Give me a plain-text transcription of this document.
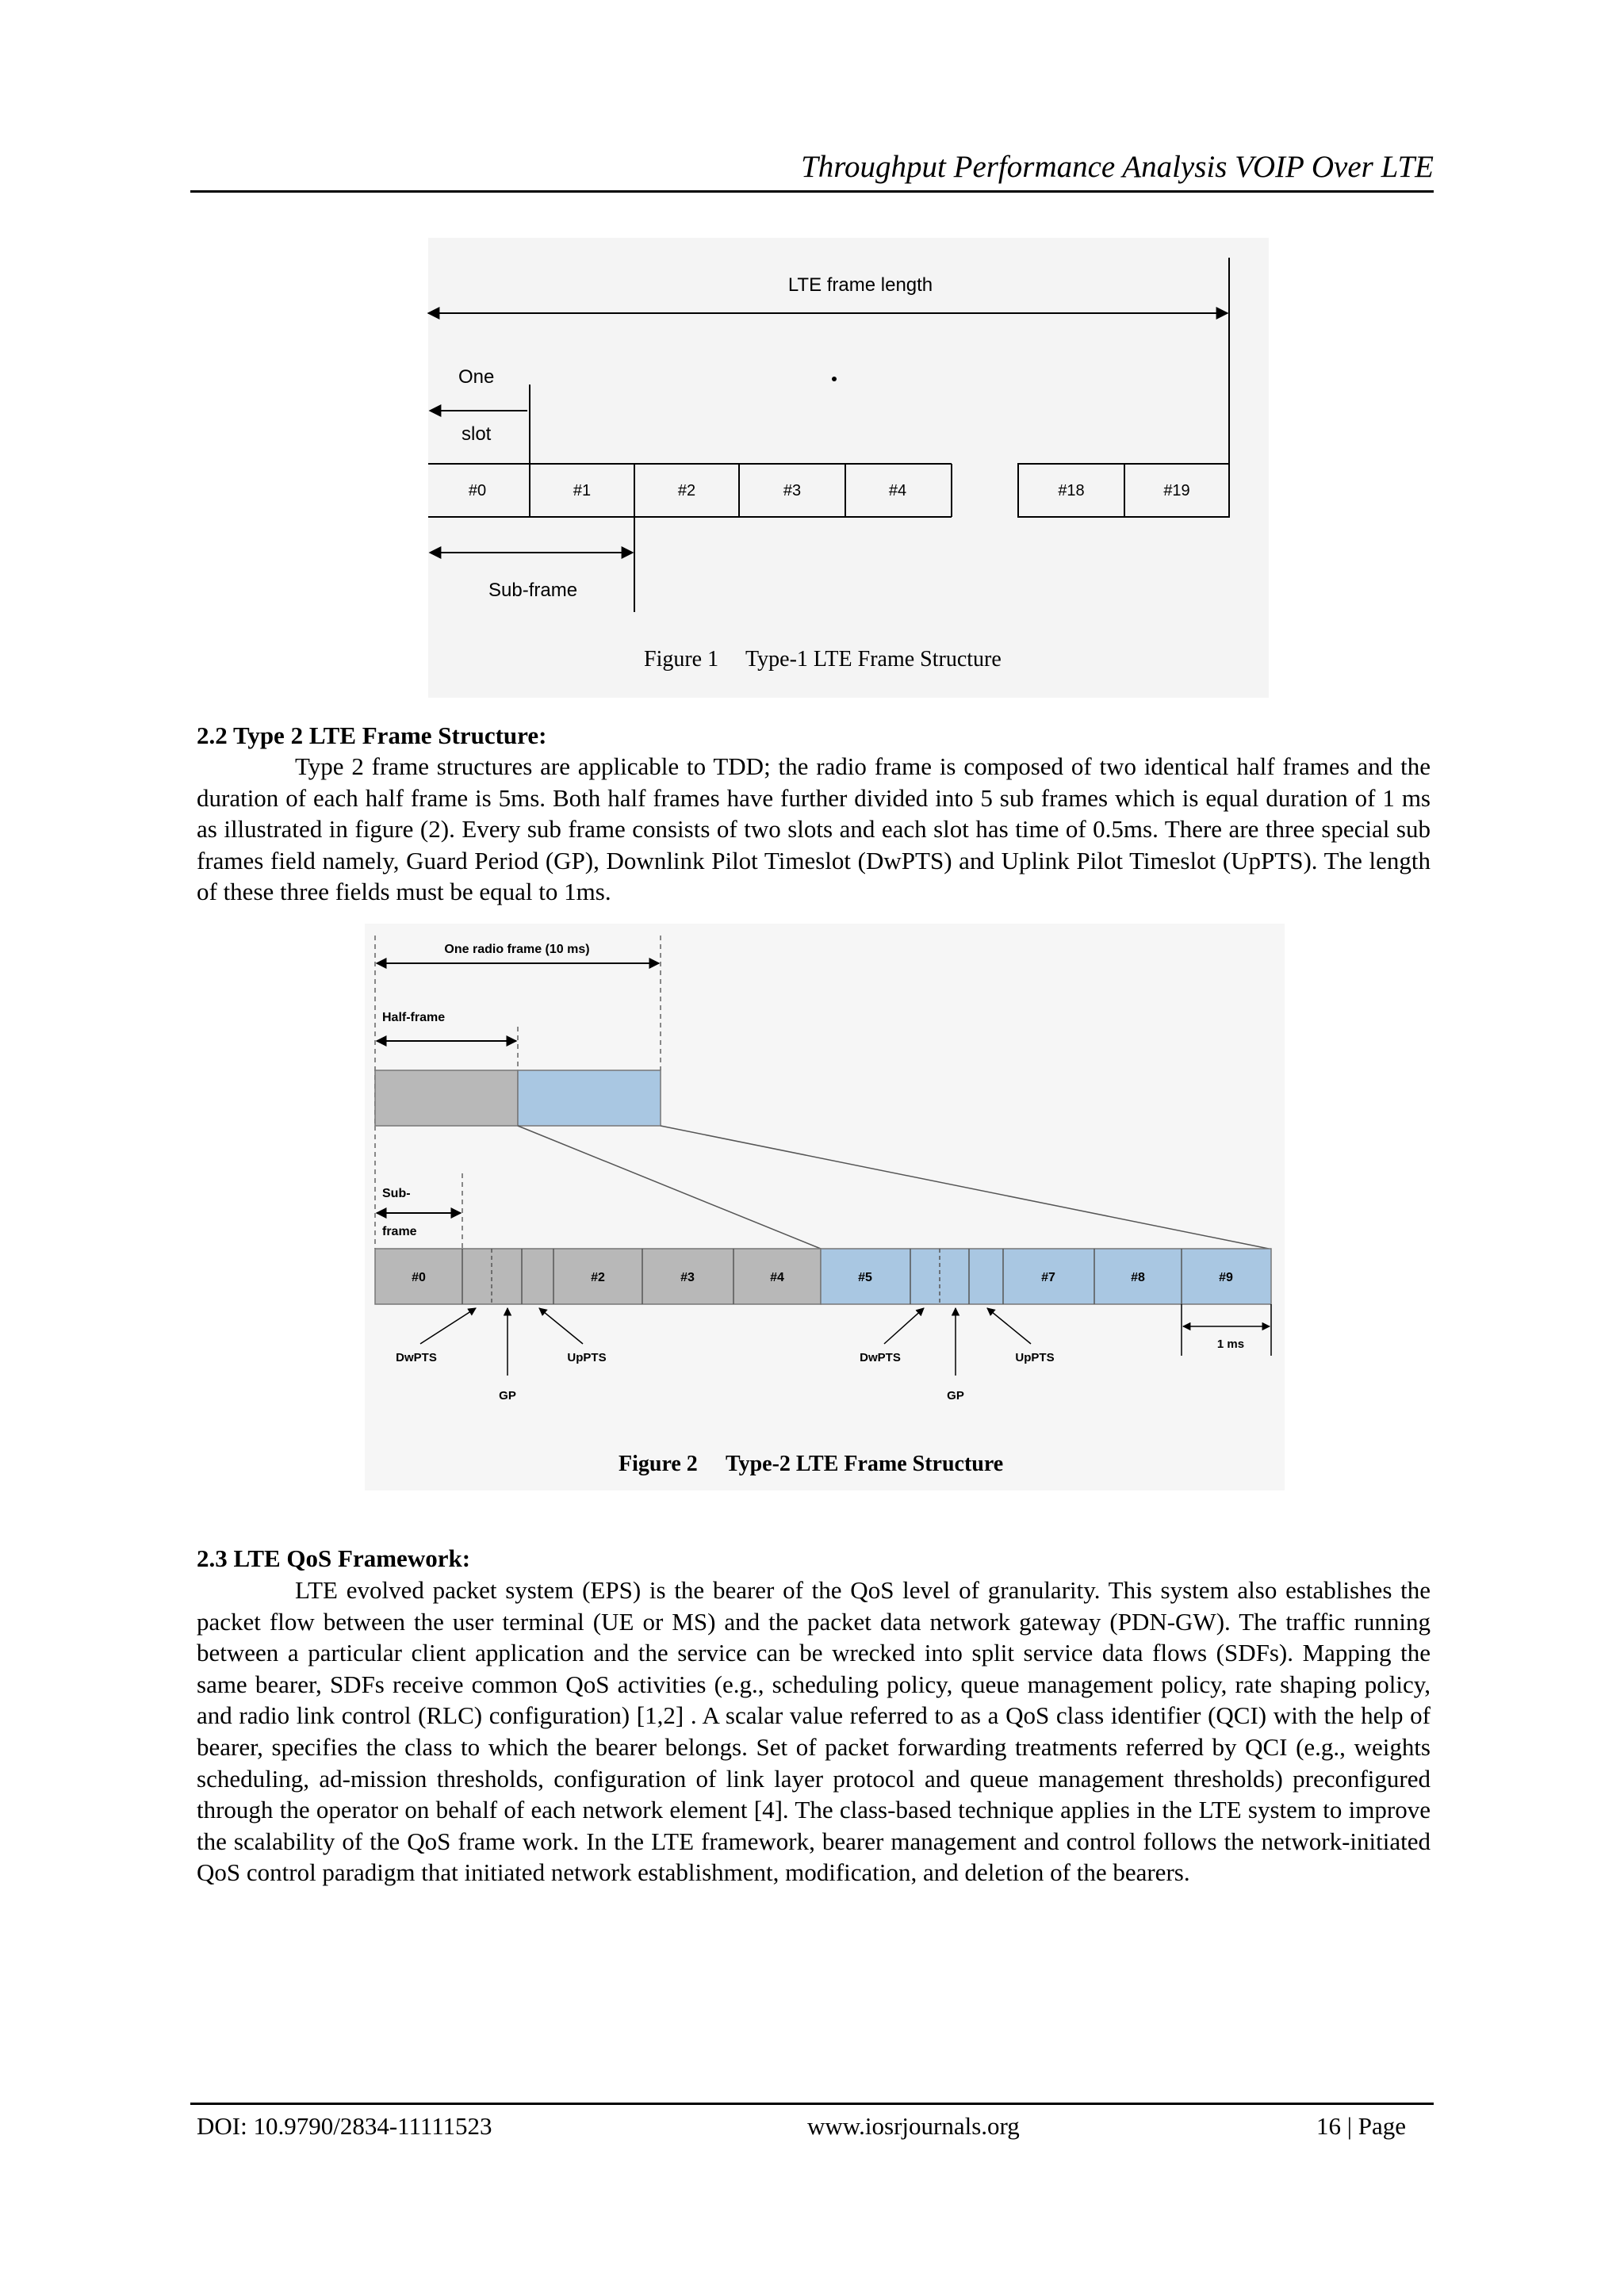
Throughput Performance Analysis VOIP Over LTE
LTE frame length
One
slot
#0	#1	#2	#3	#4	#18	#19
Sub-frame
Figure 1 Type-1 LTE Frame Structure
2.2 Type 2 LTE Frame Structure:

Type 2 frame structures are applicable to TDD; the radio frame is composed of two identical half frames and the duration of each half frame is 5ms. Both half frames have further divided into 5 sub frames which is equal duration of 1 ms as illustrated in figure (2). Every sub frame consists of two slots and each slot has time of 0.5ms. There are three special sub frames field namely, Guard Period (GP), Downlink Pilot Timeslot (DwPTS) and Uplink Pilot Timeslot (UpPTS). The length of these three fields must be equal to 1ms.

One radio frame (10 ms)
Half-frame
Sub-
frame
#0	#2	#3	#4	#5	#7	#8	#9
DwPTS	UpPTS
GP
DwPTS	UpPTS
GP
1 ms
Figure 2 Type-2 LTE Frame Structure
2.3 LTE QoS Framework:

LTE evolved packet system (EPS) is the bearer of the QoS level of granularity. This system also establishes the packet flow between the user terminal (UE or MS) and the packet data network gateway (PDN-GW). The traffic running between a particular client application and the service can be wrecked into split service data flows (SDFs). Mapping the same bearer, SDFs receive common QoS activities (e.g., scheduling policy, queue management policy, rate shaping policy, and radio link control (RLC) configuration) [1,2] . A scalar value referred to as a QoS class identifier (QCI) with the help of bearer, specifies the class to which the bearer belongs. Set of packet forwarding treatments referred by QCI (e.g., weights scheduling, ad-mission thresholds, configuration of link layer protocol and queue management thresholds) preconfigured through the operator on behalf of each network element [4]. The class-based technique applies in the LTE system to improve the scalability of the QoS frame work. In the LTE framework, bearer management and control follows the network-initiated QoS control paradigm that initiated network establishment, modification, and deletion of the bearers.

DOI: 10.9790/2834-11111523	www.iosrjournals.org	16 | Page
